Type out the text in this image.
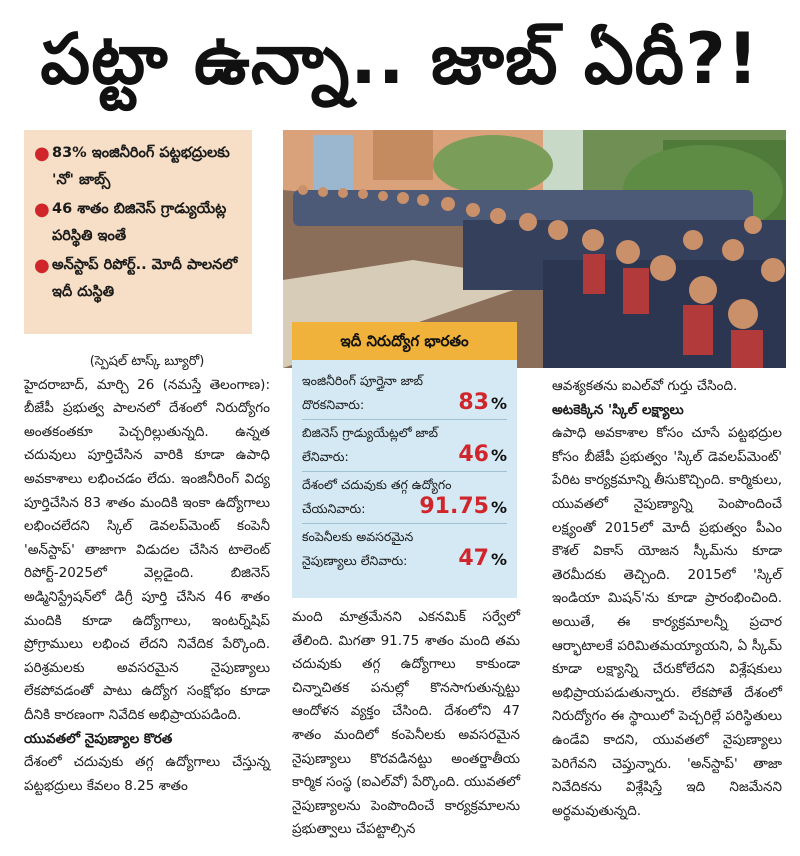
పట్టా ఉన్నా.. జాబ్ ఏదీ?!
● 83% ఇంజినీరింగ్ పట్టభద్రులకు 'నో' జాబ్స్
● 46 శాతం బిజినెస్ గ్రాడ్యుయేట్ల పరిస్థితి ఇంతే
● అన్‌స్టాప్ రిపోర్ట్.. మోదీ పాలనలో ఇదీ దుస్థితి
ఇదీ నిరుద్యోగ భారతం
ఇంజినీరింగ్ పూర్తైనా జాబ్
దొరకనివారు:	83 %
బిజినెస్ గ్రాడ్యుయేట్లలో జాబ్
లేనివారు:	46 %
దేశంలో చదువుకు తగ్గ ఉద్యోగం
చేయనివారు: 91.75 %
కంపెనీలకు అవసరమైన
నైపుణ్యాలు లేనివారు: 47 %

(స్పెషల్ టాస్క్ బ్యూరో)

హైదరాబాద్, మార్చి 26 (నమస్తే తెలంగాణ): బీజేపీ ప్రభుత్వ పాలనలో దేశంలో నిరుద్యోగం అంతకంతకూ పెచ్చరిల్లుతున్నది. ఉన్నత చదువులు పూర్తిచేసిన వారికి కూడా ఉపాధి అవకాశాలు లభించడం లేదు. ఇంజినీరింగ్ విద్య పూర్తిచేసిన 83 శాతం మందికి ఇంకా ఉద్యోగాలు లభించలేదని స్కిల్ డెవలప్‌మెంట్ కంపెనీ 'అన్‌స్టాప్' తాజాగా విడుదల చేసిన టాలెంట్ రిపోర్ట్-2025లో వెల్లడైంది. బిజినెస్ అడ్మినిస్ట్రేషన్‌లో డిగ్రీ పూర్తి చేసిన 46 శాతం మందికి కూడా ఉద్యోగాలు, ఇంటర్న్‌షిప్ ప్రోగ్రాములు లభించ లేదని నివేదిక పేర్కొంది. పరిశ్రమలకు అవసరమైన నైపుణ్యాలు లేకపోవడంతో పాటు ఉద్యోగ సంక్షోభం కూడా దీనికి కారణంగా నివేదిక అభిప్రాయపడింది.

యువతలో నైపుణ్యాల కొరత

దేశంలో చదువుకు తగ్గ ఉద్యోగాలు చేస్తున్న పట్టభద్రులు కేవలం 8.25 శాతం

మంది మాత్రమేనని ఎకనమిక్ సర్వేలో తేలింది. మిగతా 91.75 శాతం మంది తమ చదువుకు తగ్గ ఉద్యోగాలు కాకుండా చిన్నాచితక పనుల్లో కొనసాగుతున్నట్టు ఆందోళన వ్యక్తం చేసింది. దేశంలోని 47 శాతం మందిలో కంపెనీలకు అవసరమైన నైపుణ్యాలు కొరవడినట్టు అంతర్జాతీయ కార్మిక సంస్థ (ఐఎల్‌వో) పేర్కొంది. యువతలో నైపుణ్యాలను పెంపొందించే కార్యక్రమాలను ప్రభుత్వాలు చేపట్టాల్సిన

ఆవశ్యకతను ఐఎల్‌వో గుర్తు చేసింది.

అటకెక్కిన 'స్కిల్ లక్ష్యాలు

ఉపాధి అవకాశాల కోసం చూసే పట్టభద్రుల కోసం బీజేపీ ప్రభుత్వం 'స్కిల్ డెవలప్‌మెంట్' పేరిట కార్యక్రమాన్ని తీసుకొచ్చింది. కార్మికులు, యువతలో నైపుణ్యాన్ని పెంపొందించే లక్ష్యంతో 2015లో మోదీ ప్రభుత్వం పీఎం కౌశల్ వికాస్ యోజన స్కీమ్‌ను కూడా తెరమీదకు తెచ్చింది. 2015లో 'స్కిల్ ఇండియా మిషన్'ను కూడా ప్రారంభించింది. అయితే, ఈ కార్యక్రమాలన్నీ ప్రచార ఆర్భాటాలకే పరిమితమయ్యాయని, ఏ స్కీమ్ కూడా లక్ష్యాన్ని చేరుకోలేదని విశ్లేషకులు అభిప్రాయపడుతున్నారు. లేకపోతే దేశంలో నిరుద్యోగం ఈ స్థాయిలో పెచ్చరిల్లే పరిస్థితులు ఉండేవి కాదని, యువతలో నైపుణ్యాలు పెరిగేవని చెప్తున్నారు. 'అన్‌స్టాప్' తాజా నివేదికను విశ్లేషిస్తే ఇది నిజమేనని అర్థమవుతున్నది.
